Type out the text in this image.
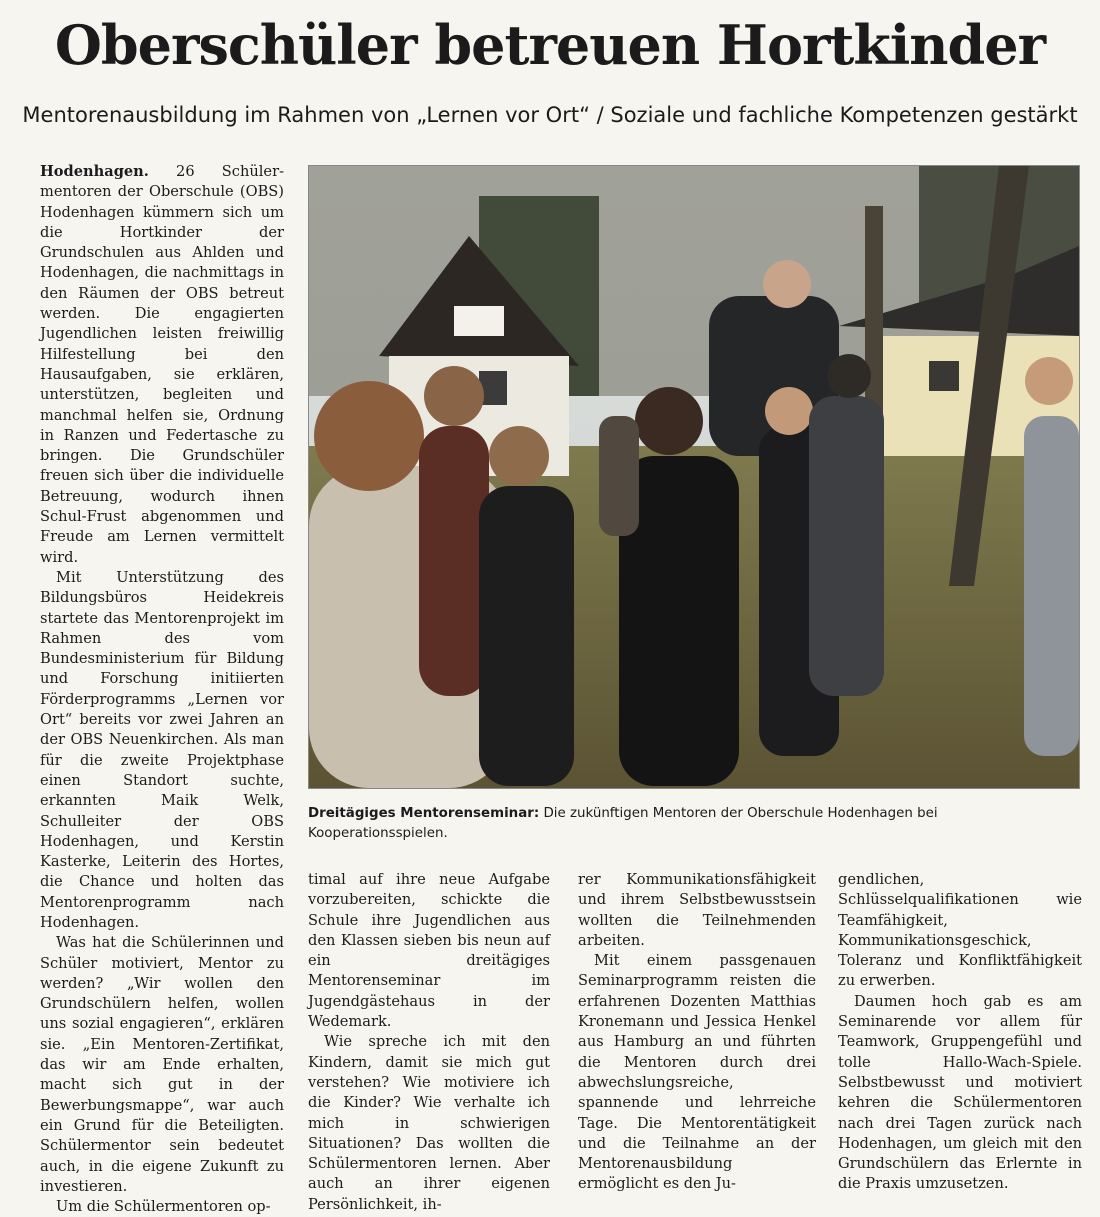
Oberschüler betreuen Hortkinder
Mentorenausbildung im Rahmen von „Lernen vor Ort“ / Soziale und fachliche Kompetenzen gestärkt

Hodenhagen. 26 Schülermentoren der Oberschule (OBS) Hodenhagen kümmern sich um die Hortkinder der Grundschulen aus Ahlden und Hodenhagen, die nachmittags in den Räumen der OBS betreut werden. Die engagierten Jugendlichen leisten freiwillig Hilfestellung bei den Hausaufgaben, sie erklären, unterstützen, begleiten und manchmal helfen sie, Ordnung in Ranzen und Federtasche zu bringen. Die Grundschüler freuen sich über die individuelle Betreuung, wodurch ihnen Schul-Frust abgenommen und Freude am Lernen vermittelt wird.

Mit Unterstützung des Bildungsbüros Heidekreis startete das Mentorenprojekt im Rahmen des vom Bundesministerium für Bildung und Forschung initiierten Förderprogramms „Lernen vor Ort“ bereits vor zwei Jahren an der OBS Neuenkirchen. Als man für die zweite Projektphase einen Standort suchte, erkannten Maik Welk, Schulleiter der OBS Hodenhagen, und Kerstin Kasterke, Leiterin des Hortes, die Chance und holten das Mentorenprogramm nach Hodenhagen.

Was hat die Schülerinnen und Schüler motiviert, Mentor zu werden? „Wir wollen den Grundschülern helfen, wollen uns sozial engagieren“, erklären sie. „Ein Mentoren-Zertifikat, das wir am Ende erhalten, macht sich gut in der Bewerbungsmappe“, war auch ein Grund für die Beteiligten. Schülermentor sein bedeutet auch, in die eigene Zukunft zu investieren.

Um die Schülermentoren op-

Dreitägiges Mentorenseminar: Die zukünftigen Mentoren der Oberschule Hodenhagen bei Kooperationsspielen.

timal auf ihre neue Aufgabe vorzubereiten, schickte die Schule ihre Jugendlichen aus den Klassen sieben bis neun auf ein dreitägiges Mentorenseminar im Jugendgästehaus in der Wedemark.

Wie spreche ich mit den Kindern, damit sie mich gut verstehen? Wie motiviere ich die Kinder? Wie verhalte ich mich in schwierigen Situationen? Das wollten die Schülermentoren lernen. Aber auch an ihrer eigenen Persönlichkeit, ih-

rer Kommunikationsfähigkeit und ihrem Selbstbewusstsein wollten die Teilnehmenden arbeiten.

Mit einem passgenauen Seminarprogramm reisten die erfahrenen Dozenten Matthias Kronemann und Jessica Henkel aus Hamburg an und führten die Mentoren durch drei abwechslungsreiche, spannende und lehrreiche Tage. Die Mentorentätigkeit und die Teilnahme an der Mentorenausbildung ermöglicht es den Ju-

gendlichen, Schlüsselqualifikationen wie Teamfähigkeit, Kommunikationsgeschick, Toleranz und Konfliktfähigkeit zu erwerben.

Daumen hoch gab es am Seminarende vor allem für Teamwork, Gruppengefühl und tolle Hallo-Wach-Spiele. Selbstbewusst und motiviert kehren die Schülermentoren nach drei Tagen zurück nach Hodenhagen, um gleich mit den Grundschülern das Erlernte in die Praxis umzusetzen.
